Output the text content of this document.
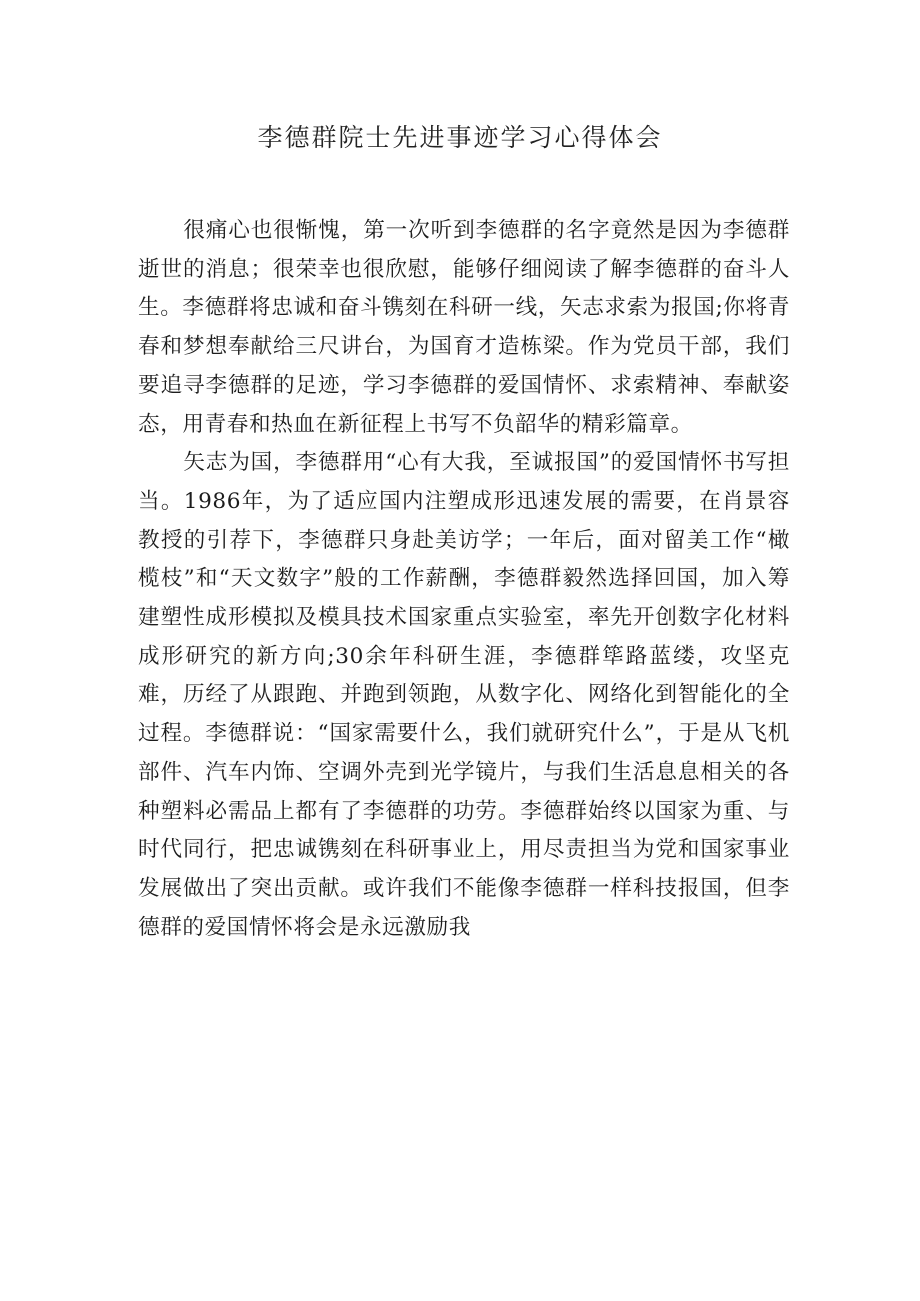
李德群院士先进事迹学习心得体会

很痛心也很惭愧，第一次听到李德群的名字竟然是因为李德群逝世的消息；很荣幸也很欣慰，能够仔细阅读了解李德群的奋斗人生。李德群将忠诚和奋斗镌刻在科研一线，矢志求索为报国;你将青春和梦想奉献给三尺讲台，为国育才造栋梁。作为党员干部，我们要追寻李德群的足迹，学习李德群的爱国情怀、求索精神、奉献姿态，用青春和热血在新征程上书写不负韶华的精彩篇章。

矢志为国，李德群用“心有大我，至诚报国”的爱国情怀书写担当。1986年，为了适应国内注塑成形迅速发展的需要，在肖景容教授的引荐下，李德群只身赴美访学；一年后，面对留美工作“橄榄枝”和“天文数字”般的工作薪酬，李德群毅然选择回国，加入筹建塑性成形模拟及模具技术国家重点实验室，率先开创数字化材料成形研究的新方向;30余年科研生涯，李德群筚路蓝缕，攻坚克难，历经了从跟跑、并跑到领跑，从数字化、网络化到智能化的全过程。李德群说：“国家需要什么，我们就研究什么”，于是从飞机部件、汽车内饰、空调外壳到光学镜片，与我们生活息息相关的各种塑料必需品上都有了李德群的功劳。李德群始终以国家为重、与时代同行，把忠诚镌刻在科研事业上，用尽责担当为党和国家事业发展做出了突出贡献。或许我们不能像李德群一样科技报国，但李德群的爱国情怀将会是永远激励我
